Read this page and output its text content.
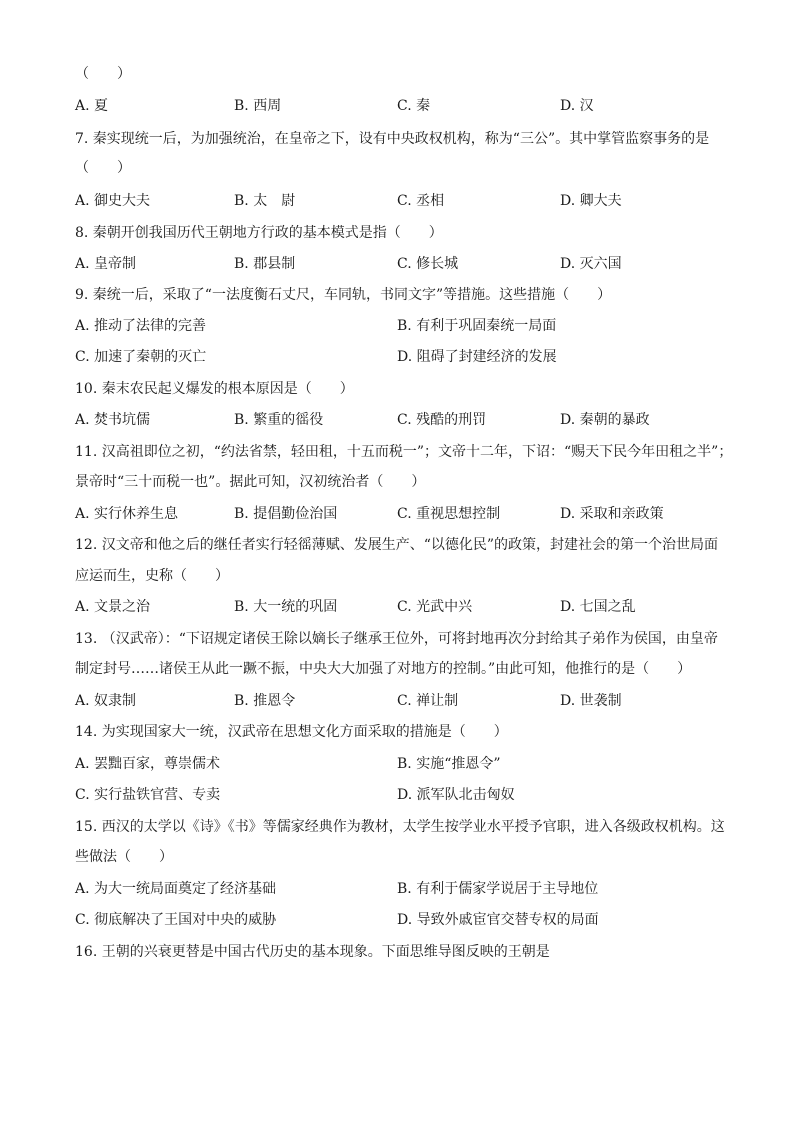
（　　）
A. 夏	B. 西周	C. 秦	D. 汉
7. 秦实现统一后，为加强统治，在皇帝之下，设有中央政权机构，称为“三公”。其中掌管监察事务的是
（　　）
A. 御史大夫	B. 太　尉	C. 丞相	D. 卿大夫
8. 秦朝开创我国历代王朝地方行政的基本模式是指（　　）
A. 皇帝制	B. 郡县制	C. 修长城	D. 灭六国
9. 秦统一后，采取了“一法度衡石丈尺，车同轨，书同文字”等措施。这些措施（　　）
A. 推动了法律的完善	B. 有利于巩固秦统一局面
C. 加速了秦朝的灭亡	D. 阻碍了封建经济的发展
10. 秦末农民起义爆发的根本原因是（　　）
A. 焚书坑儒	B. 繁重的徭役	C. 残酷的刑罚	D. 秦朝的暴政
11. 汉高祖即位之初，“约法省禁，轻田租，十五而税一”；文帝十二年，下诏：“赐天下民今年田租之半”；
景帝时“三十而税一也”。据此可知，汉初统治者（　　）
A. 实行休养生息	B. 提倡勤俭治国	C. 重视思想控制	D. 采取和亲政策
12. 汉文帝和他之后的继任者实行轻徭薄赋、发展生产、“以德化民”的政策，封建社会的第一个治世局面
应运而生，史称（　　）
A. 文景之治	B. 大一统的巩固	C. 光武中兴	D. 七国之乱
13. （汉武帝）：“下诏规定诸侯王除以嫡长子继承王位外，可将封地再次分封给其子弟作为侯国，由皇帝
制定封号……诸侯王从此一蹶不振，中央大大加强了对地方的控制。”由此可知，他推行的是（　　）
A. 奴隶制	B. 推恩令	C. 禅让制	D. 世袭制
14. 为实现国家大一统，汉武帝在思想文化方面采取的措施是（　　）
A. 罢黜百家，尊崇儒术	B. 实施“推恩令”
C. 实行盐铁官营、专卖	D. 派军队北击匈奴
15. 西汉的太学以《诗》《书》等儒家经典作为教材，太学生按学业水平授予官职，进入各级政权机构。这
些做法（　　）
A. 为大一统局面奠定了经济基础	B. 有利于儒家学说居于主导地位
C. 彻底解决了王国对中央的威胁	D. 导致外戚宦官交替专权的局面
16. 王朝的兴衰更替是中国古代历史的基本现象。下面思维导图反映的王朝是
